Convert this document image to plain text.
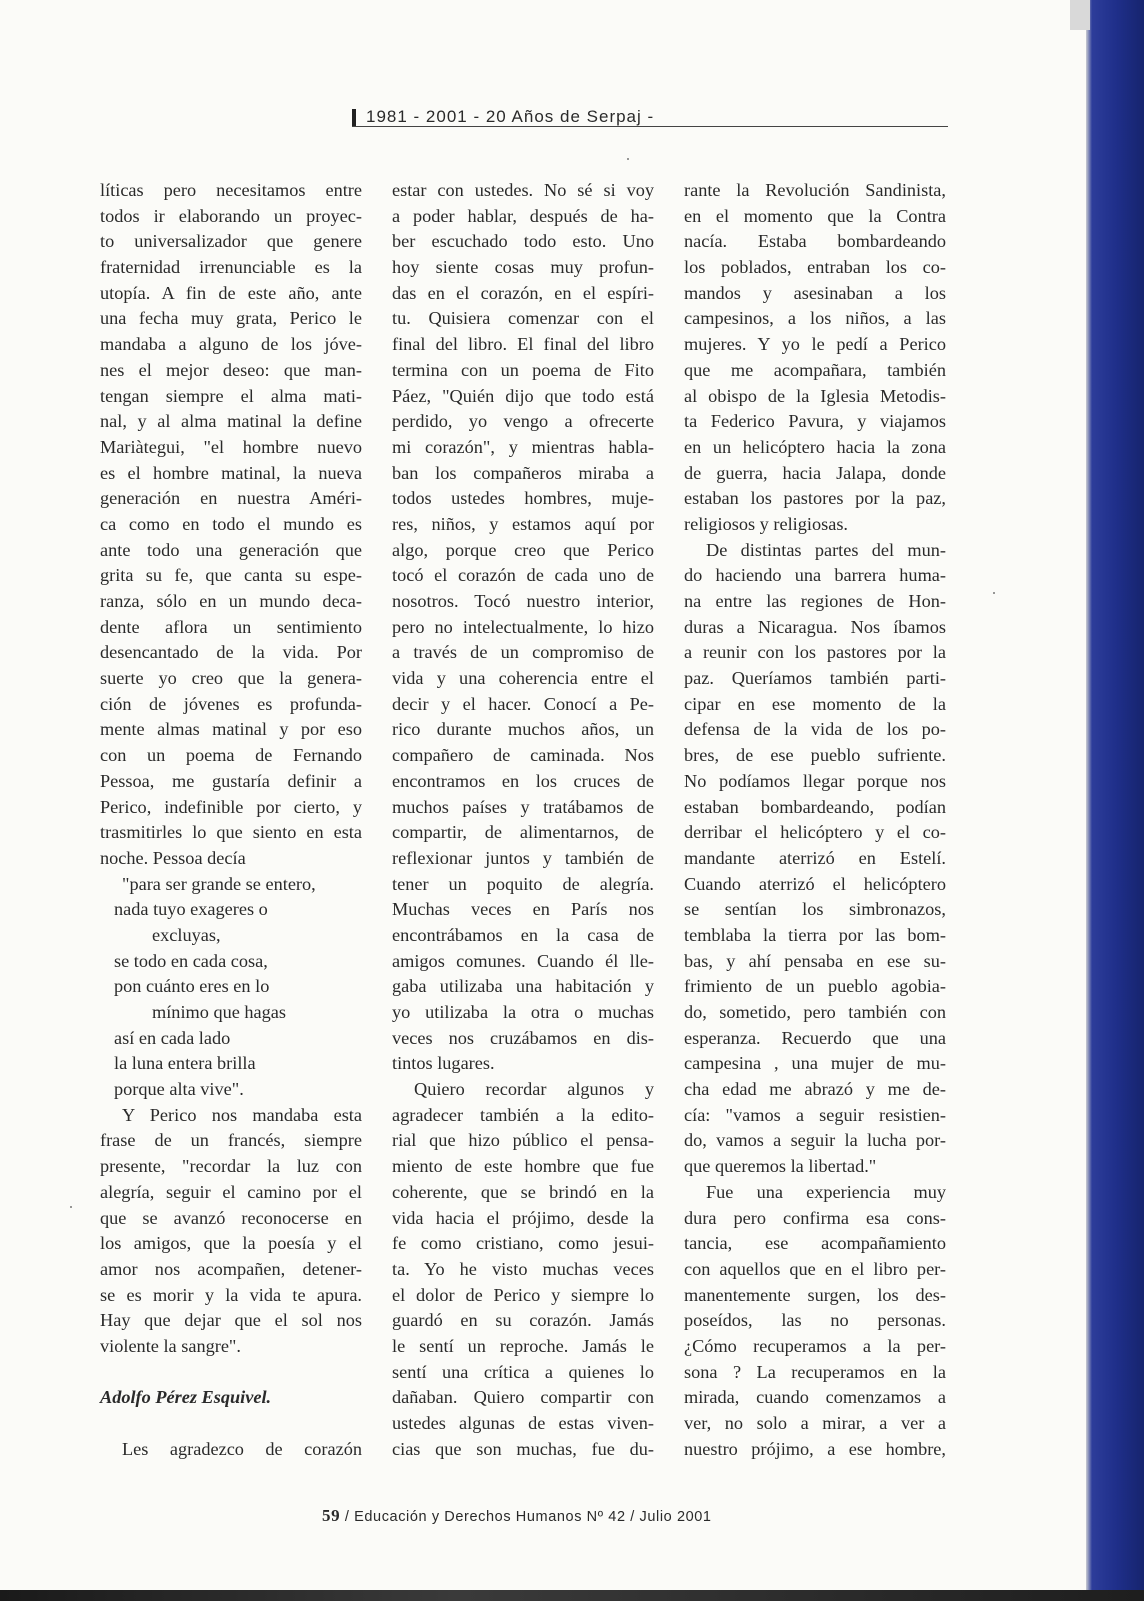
1981 - 2001 - 20 Años de Serpaj -
líticas pero necesitamos entre
todos ir elaborando un proyec-
to universalizador que genere
fraternidad irrenunciable es la
utopía. A fin de este año, ante
una fecha muy grata, Perico le
mandaba a alguno de los jóve-
nes el mejor deseo: que man-
tengan siempre el alma mati-
nal, y al alma matinal la define
Mariàtegui, "el hombre nuevo
es el hombre matinal, la nueva
generación en nuestra Améri-
ca como en todo el mundo es
ante todo una generación que
grita su fe, que canta su espe-
ranza, sólo en un mundo deca-
dente aflora un sentimiento
desencantado de la vida. Por
suerte yo creo que la genera-
ción de jóvenes es profunda-
mente almas matinal y por eso
con un poema de Fernando
Pessoa, me gustaría definir a
Perico, indefinible por cierto, y
trasmitirles lo que siento en esta
noche. Pessoa decía
"para ser grande se entero,
nada tuyo exageres o
excluyas,
se todo en cada cosa,
pon cuánto eres en lo
mínimo que hagas
así en cada lado
la luna entera brilla
porque alta vive".
Y Perico nos mandaba esta
frase de un francés, siempre
presente, "recordar la luz con
alegría, seguir el camino por el
que se avanzó reconocerse en
los amigos, que la poesía y el
amor nos acompañen, detener-
se es morir y la vida te apura.
Hay que dejar que el sol nos
violente la sangre".
Adolfo Pérez Esquivel.
Les agradezco de corazón
estar con ustedes. No sé si voy
a poder hablar, después de ha-
ber escuchado todo esto. Uno
hoy siente cosas muy profun-
das en el corazón, en el espíri-
tu. Quisiera comenzar con el
final del libro. El final del libro
termina con un poema de Fito
Páez, "Quién dijo que todo está
perdido, yo vengo a ofrecerte
mi corazón", y mientras habla-
ban los compañeros miraba a
todos ustedes hombres, muje-
res, niños, y estamos aquí por
algo, porque creo que Perico
tocó el corazón de cada uno de
nosotros. Tocó nuestro interior,
pero no intelectualmente, lo hizo
a través de un compromiso de
vida y una coherencia entre el
decir y el hacer. Conocí a Pe-
rico durante muchos años, un
compañero de caminada. Nos
encontramos en los cruces de
muchos países y tratábamos de
compartir, de alimentarnos, de
reflexionar juntos y también de
tener un poquito de alegría.
Muchas veces en París nos
encontrábamos en la casa de
amigos comunes. Cuando él lle-
gaba utilizaba una habitación y
yo utilizaba la otra o muchas
veces nos cruzábamos en dis-
tintos lugares.
Quiero recordar algunos y
agradecer también a la edito-
rial que hizo público el pensa-
miento de este hombre que fue
coherente, que se brindó en la
vida hacia el prójimo, desde la
fe como cristiano, como jesui-
ta. Yo he visto muchas veces
el dolor de Perico y siempre lo
guardó en su corazón. Jamás
le sentí un reproche. Jamás le
sentí una crítica a quienes lo
dañaban. Quiero compartir con
ustedes algunas de estas viven-
cias que son muchas, fue du-
rante la Revolución Sandinista,
en el momento que la Contra
nacía. Estaba bombardeando
los poblados, entraban los co-
mandos y asesinaban a los
campesinos, a los niños, a las
mujeres. Y yo le pedí a Perico
que me acompañara, también
al obispo de la Iglesia Metodis-
ta Federico Pavura, y viajamos
en un helicóptero hacia la zona
de guerra, hacia Jalapa, donde
estaban los pastores por la paz,
religiosos y religiosas.
De distintas partes del mun-
do haciendo una barrera huma-
na entre las regiones de Hon-
duras a Nicaragua. Nos íbamos
a reunir con los pastores por la
paz. Queríamos también parti-
cipar en ese momento de la
defensa de la vida de los po-
bres, de ese pueblo sufriente.
No podíamos llegar porque nos
estaban bombardeando, podían
derribar el helicóptero y el co-
mandante aterrizó en Estelí.
Cuando aterrizó el helicóptero
se sentían los simbronazos,
temblaba la tierra por las bom-
bas, y ahí pensaba en ese su-
frimiento de un pueblo agobia-
do, sometido, pero también con
esperanza. Recuerdo que una
campesina , una mujer de mu-
cha edad me abrazó y me de-
cía: "vamos a seguir resistien-
do, vamos a seguir la lucha por-
que queremos la libertad."
Fue una experiencia muy
dura pero confirma esa cons-
tancia, ese acompañamiento
con aquellos que en el libro per-
manentemente surgen, los des-
poseídos, las no personas.
¿Cómo recuperamos a la per-
sona ? La recuperamos en la
mirada, cuando comenzamos a
ver, no solo a mirar, a ver a
nuestro prójimo, a ese hombre,
59 / Educación y Derechos Humanos Nº 42 / Julio 2001
